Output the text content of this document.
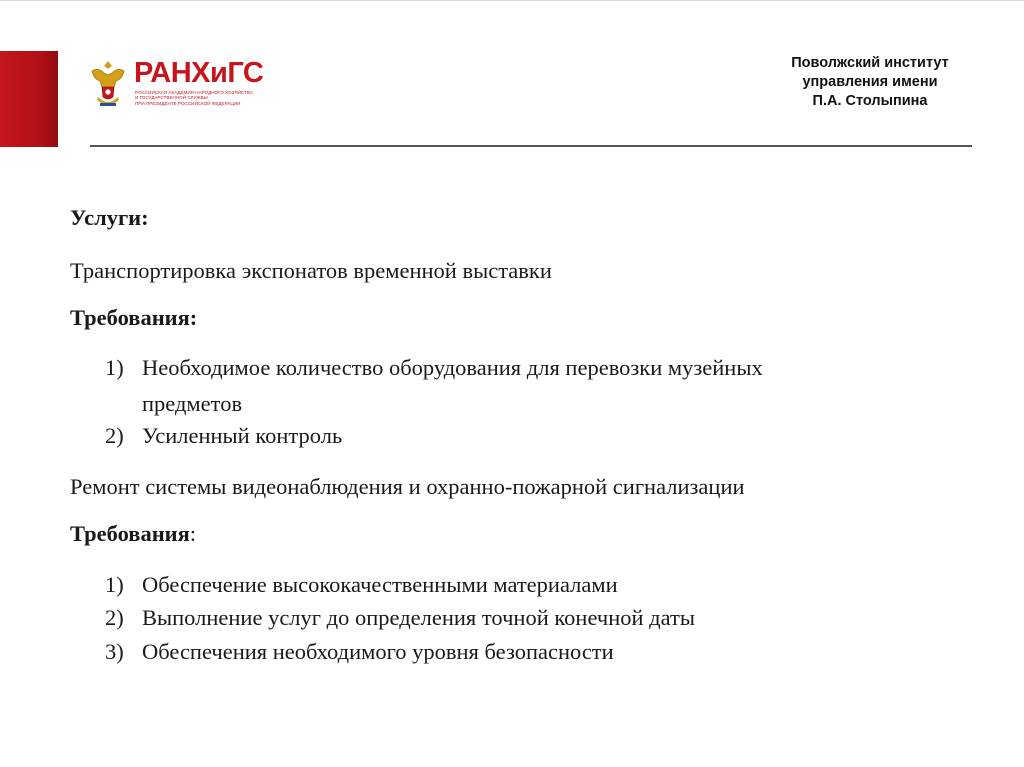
РАНХиГС
РОССИЙСКАЯ АКАДЕМИЯ НАРОДНОГО ХОЗЯЙСТВА
И ГОСУДАРСТВЕННОЙ СЛУЖБЫ
ПРИ ПРЕЗИДЕНТЕ РОССИЙСКОЙ ФЕДЕРАЦИИ
Поволжский институт
управления имени
П.А. Столыпина
Услуги:
Транспортировка экспонатов временной выставки
Требования:
1) Необходимое количество оборудования для перевозки музейных
предметов
2) Усиленный контроль
Ремонт системы видеонаблюдения и охранно-пожарной сигнализации
Требования:
1) Обеспечение высококачественными материалами
2) Выполнение услуг до определения точной конечной даты
3) Обеспечения необходимого уровня безопасности
